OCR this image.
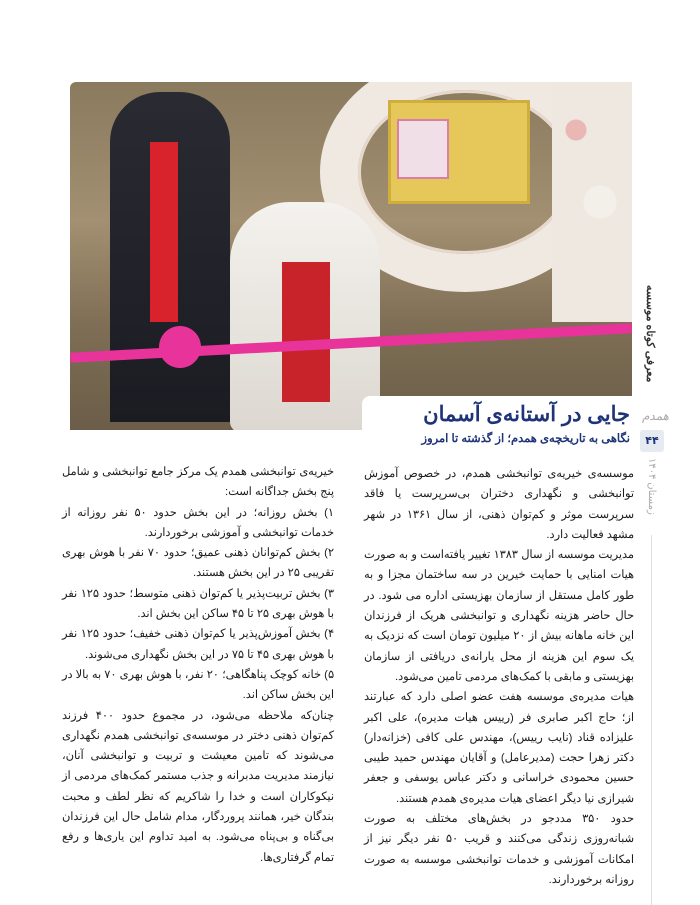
جایی در آستانه‌ی آسمان
نگاهی به تاریخچه‌ی همدم؛ از گذشته تا امروز

موسسه‌ی خیریه‌ی توانبخشی همدم، در خصوص آموزش توانبخشی و نگهداری دختران بی‌سرپرست یا فاقد سرپرست موثر و کم‌توان ذهنی، از سال ۱۳۶۱ در شهر مشهد فعالیت دارد.

مدیریت موسسه از سال ۱۳۸۳ تغییر یافته‌است و به صورت هیات امنایی با حمایت خیرین در سه ساختمان مجزا و به طور کامل مستقل از سازمان بهزیستی اداره می شود. در حال حاضر هزینه نگهداری و توانبخشی هریک از فرزندان این خانه ماهانه بیش از ۲۰ میلیون تومان است که نزدیک به یک سوم این هزینه از محل یارانه‌ی دریافتی از سازمان بهزیستی و مابقی با کمک‌های مردمی تامین می‌شود.

هیات مدیره‌ی موسسه هفت عضو اصلی دارد که عبارتند از؛ حاج اکبر صابری فر (رییس هیات مدیره)، علی اکبر علیزاده قناد (نایب رییس)، مهندس علی کافی (خزانه‌دار) دکتر زهرا حجت (مدیرعامل) و آقایان مهندس حمید طیبی حسین محمودی خراسانی و دکتر عباس یوسفی و جعفر شیرازی نیا دیگر اعضای هیات مدیره‌ی همدم هستند.

حدود ۳۵۰ مددجو در بخش‌های مختلف به صورت شبانه‌روزی زندگی می‌کنند و قریب ۵۰ نفر دیگر نیز از امکانات آموزشی و خدمات توانبخشی موسسه به صورت روزانه برخوردارند.

خیریه‌ی توانبخشی همدم یک مرکز جامع توانبخشی و شامل پنج بخش جداگانه است:

۱) بخش روزانه؛ در این بخش حدود ۵۰ نفر روزانه از خدمات توانبخشی و آموزشی برخوردارند.

۲) بخش کم‌توانان ذهنی عمیق؛ حدود ۷۰ نفر با هوش بهری تقریبی ۲۵ در این بخش هستند.

۳) بخش تربیت‌پذیر یا کم‌توان ذهنی متوسط؛ حدود ۱۲۵ نفر با هوش بهری ۲۵ تا ۴۵ ساکن این بخش اند.

۴) بخش آموزش‌پذیر یا کم‌توان ذهنی خفیف؛ حدود ۱۲۵ نفر با هوش بهری ۴۵ تا ۷۵ در این بخش نگهداری می‌شوند.

۵) خانه کوچک پناهگاهی؛ ۲۰ نفر، با هوش بهری ۷۰ به بالا در این بخش ساکن اند.

چنان‌که ملاحظه می‌شود، در مجموع حدود ۴۰۰ فرزند کم‌توان ذهنی دختر در موسسه‌ی توانبخشی همدم نگهداری می‌شوند که تامین معیشت و تربیت و توانبخشی آنان، نیازمند مدیریت مدبرانه و جذب مستمر کمک‌های مردمی از نیکوکاران است و خدا را شاکریم که نظر لطف و محبت بندگان خیر، همانند پروردگار، مدام شامل حال این فرزندان بی‌گناه و بی‌پناه می‌شود. به امید تداوم این یاری‌ها و رفع تمام گرفتاری‌ها.

معرفی کوتاه موسسه
همدم
۴۴
زمستان ۱۴۰۴
